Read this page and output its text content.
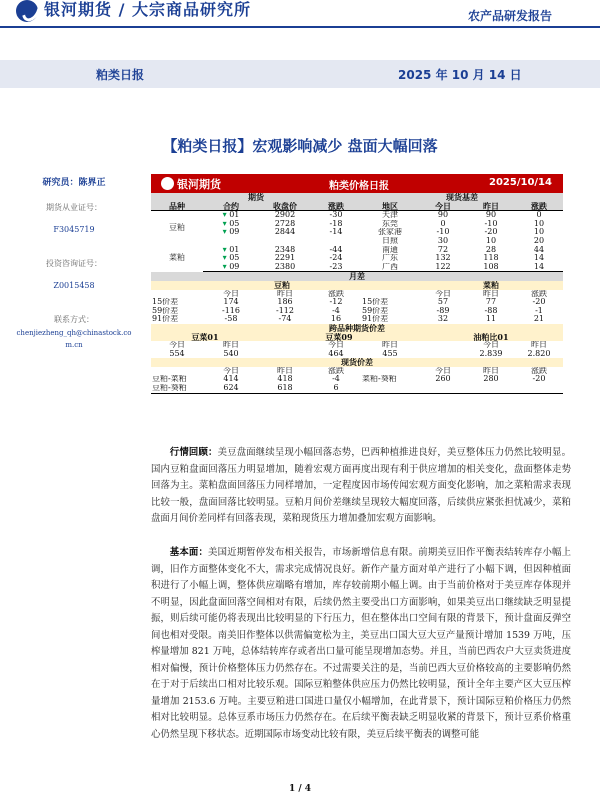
银河期货 / 大宗商品研究所	农产品研发报告
粕类日报	2025 年 10 月 14 日
【粕类日报】宏观影响减少 盘面大幅回落
研究员：陈界正
期货从业证号：
F3045719
投资咨询证号：
Z0015458
联系方式：
chenjiezheng_qh@chinastock.com.cn
银河期货	粕类价格日报	2025/10/14
期货				现货基差			
品种	合约	收盘价	涨跌	地区	今日	昨日	涨跌
豆粕	▾ 01	2902	-30	天津	90	90	0
	▾ 05	2728	-18	东莞	0	-10	10
	▾ 09	2844	-14	张家港	-10	-20	10
				日照	30	10	20
菜粕	▾ 01	2348	-44	南通	72	28	44
	▾ 05	2291	-24	广东	132	118	14
	▾ 09	2380	-23	广西	122	108	14
月差							
	豆粕				菜粕		
	今日	昨日	涨跌		今日	昨日	涨跌
15价差	174	186	-12	15价差	57	77	-20
59价差	-116	-112	-4	59价差	-89	-88	-1
91价差	-58	-74	16	91价差	32	11	21
跨品种期货价差							
豆菜01		豆菜09			油粕比01		
今日	昨日		今日	昨日		今日	昨日
554	540		464	455		2.839	2.820
现货价差							
	今日	昨日	涨跌		今日	昨日	涨跌
豆粕-菜粕	414	418	-4	菜粕-葵粕	260	280	-20
豆粕-葵粕	624	618	6				
行情回顾：美豆盘面继续呈现小幅回落态势，巴西种植推进良好，美豆整体压力仍然比较明显。国内豆粕盘面回落压力明显增加，随着宏观方面再度出现有利于供应增加的相关变化，盘面整体走势回落为主。菜粕盘面回落压力同样增加，一定程度因市场传闻宏观方面变化影响，加之菜粕需求表现比较一般，盘面回落比较明显。豆粕月间价差继续呈现较大幅度回落，后续供应紧张担忧减少，菜粕盘面月间价差同样有回落表现，菜粕现货压力增加叠加宏观方面影响。
基本面：美国近期暂停发布相关报告，市场新增信息有限。前期美豆旧作平衡表结转库存小幅上调，旧作方面整体变化不大，需求完成情况良好。新作产量方面对单产进行了小幅下调，但因种植面积进行了小幅上调，整体供应端略有增加，库存较前期小幅上调。由于当前价格对于美豆库存体现并不明显，因此盘面回落空间相对有限，后续仍然主要受出口方面影响，如果美豆出口继续缺乏明显提振，则后续可能仍将表现出比较明显的下行压力，但在整体出口空间有限的背景下，预计盘面反弹空间也相对受限。南美旧作整体以供需偏宽松为主，美豆出口国大豆大豆产量预计增加 1539 万吨，压榨量增加 821 万吨，总体结转库存或者出口量可能呈现增加态势。并且，当前巴西农户大豆卖货进度相对偏慢，预计价格整体压力仍然存在。不过需要关注的是，当前巴西大豆价格较高的主要影响仍然在于对于后续出口相对比较乐观。国际豆粕整体供应压力仍然比较明显，预计全年主要产区大豆压榨量增加 2153.6 万吨。主要豆粕进口国进口量仅小幅增加，在此背景下，预计国际豆粕价格压力仍然相对比较明显。总体豆系市场压力仍然存在。在后续平衡表缺乏明显收紧的背景下，预计豆系价格重心仍然呈现下移状态。近期国际市场变动比较有限，美豆后续平衡表的调整可能
1 / 4
